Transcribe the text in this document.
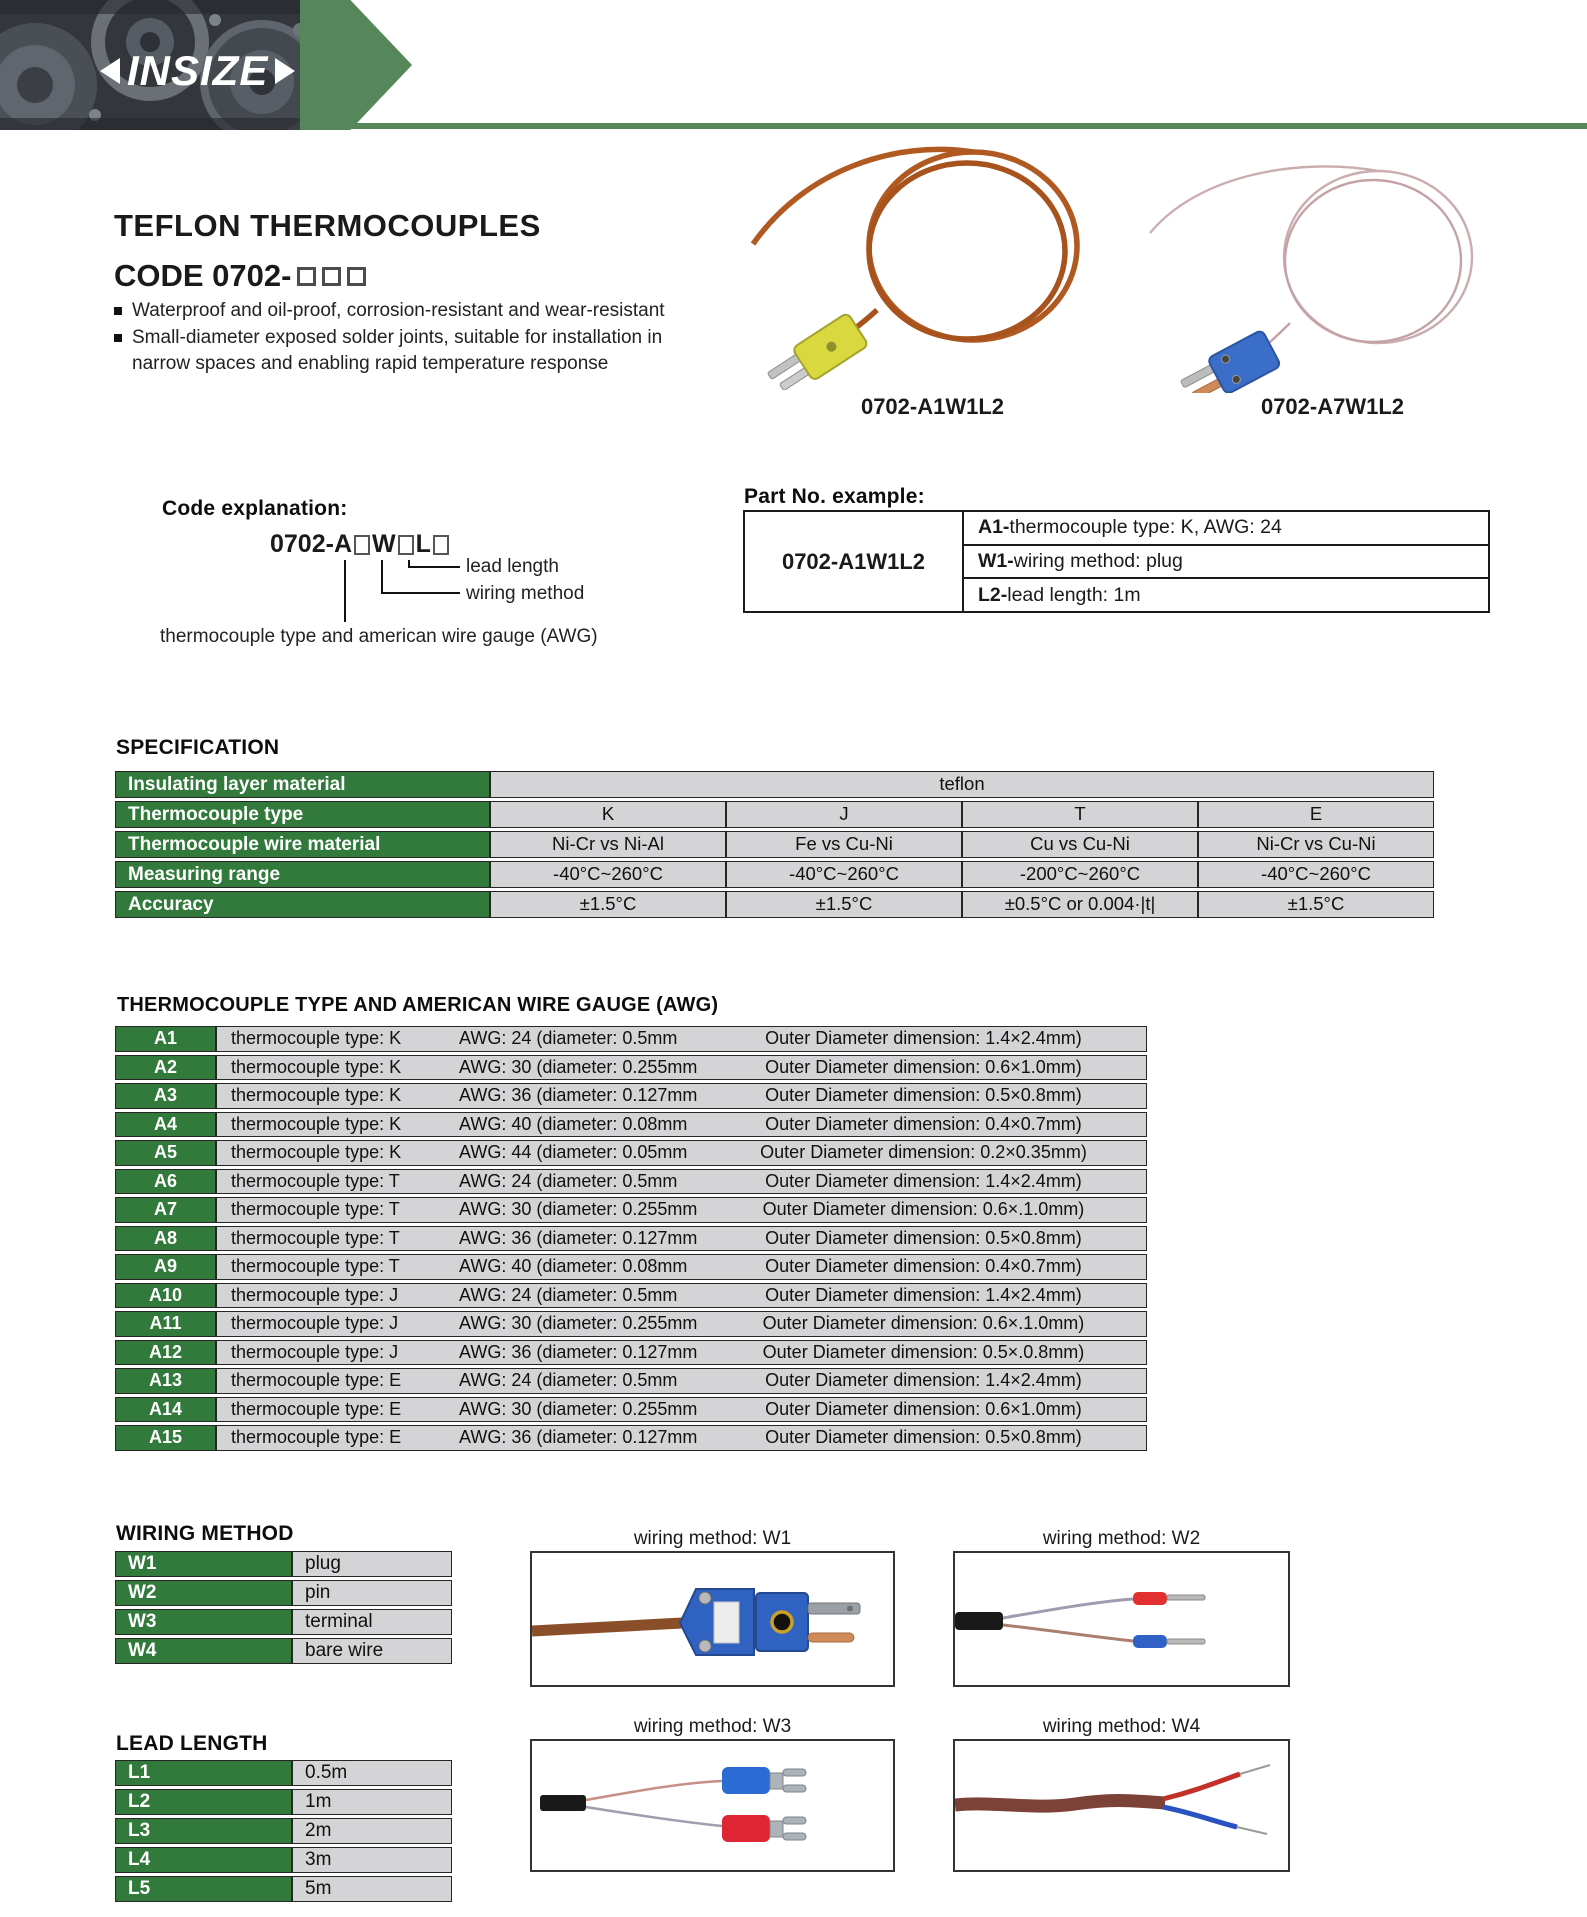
INSIZE
TEFLON THERMOCOUPLES
CODE 0702-
Waterproof and oil-proof, corrosion-resistant and wear-resistant
Small-diameter exposed solder joints, suitable for installation in
narrow spaces and enabling rapid temperature response
0702-A1W1L2	0702-A7W1L2
Code explanation:
0702-A W L
lead length
wiring method
thermocouple type and american wire gauge (AWG)
Part No. example:
0702-A1W1L2
A1- thermocouple type: K, AWG: 24
W1- wiring method: plug
L2- lead length: 1m
SPECIFICATION
Insulating layer material	teflon
Thermocouple type	K	J	T	E
Thermocouple wire material	Ni-Cr vs Ni-Al	Fe vs Cu-Ni	Cu vs Cu-Ni	Ni-Cr vs Cu-Ni
Measuring range	-40°C~260°C	-40°C~260°C	-200°C~260°C	-40°C~260°C
Accuracy	±1.5°C	±1.5°C	±0.5°C or 0.004·|t|	±1.5°C
THERMOCOUPLE TYPE AND AMERICAN WIRE GAUGE (AWG)
A1	thermocouple type: K	AWG: 24 (diameter: 0.5mm	Outer Diameter dimension: 1.4×2.4mm)
A2	thermocouple type: K	AWG: 30 (diameter: 0.255mm	Outer Diameter dimension: 0.6×1.0mm)
A3	thermocouple type: K	AWG: 36 (diameter: 0.127mm	Outer Diameter dimension: 0.5×0.8mm)
A4	thermocouple type: K	AWG: 40 (diameter: 0.08mm	Outer Diameter dimension: 0.4×0.7mm)
A5	thermocouple type: K	AWG: 44 (diameter: 0.05mm	Outer Diameter dimension: 0.2×0.35mm)
A6	thermocouple type: T	AWG: 24 (diameter: 0.5mm	Outer Diameter dimension: 1.4×2.4mm)
A7	thermocouple type: T	AWG: 30 (diameter: 0.255mm	Outer Diameter dimension: 0.6×.1.0mm)
A8	thermocouple type: T	AWG: 36 (diameter: 0.127mm	Outer Diameter dimension: 0.5×0.8mm)
A9	thermocouple type: T	AWG: 40 (diameter: 0.08mm	Outer Diameter dimension: 0.4×0.7mm)
A10	thermocouple type: J	AWG: 24 (diameter: 0.5mm	Outer Diameter dimension: 1.4×2.4mm)
A11	thermocouple type: J	AWG: 30 (diameter: 0.255mm	Outer Diameter dimension: 0.6×.1.0mm)
A12	thermocouple type: J	AWG: 36 (diameter: 0.127mm	Outer Diameter dimension: 0.5×.0.8mm)
A13	thermocouple type: E	AWG: 24 (diameter: 0.5mm	Outer Diameter dimension: 1.4×2.4mm)
A14	thermocouple type: E	AWG: 30 (diameter: 0.255mm	Outer Diameter dimension: 0.6×1.0mm)
A15	thermocouple type: E	AWG: 36 (diameter: 0.127mm	Outer Diameter dimension: 0.5×0.8mm)
WIRING METHOD
W1	plug
W2	pin
W3	terminal
W4	bare wire
wiring method: W1	wiring method: W2
wiring method: W3	wiring method: W4
LEAD LENGTH
L1	0.5m
L2	1m
L3	2m
L4	3m
L5	5m
